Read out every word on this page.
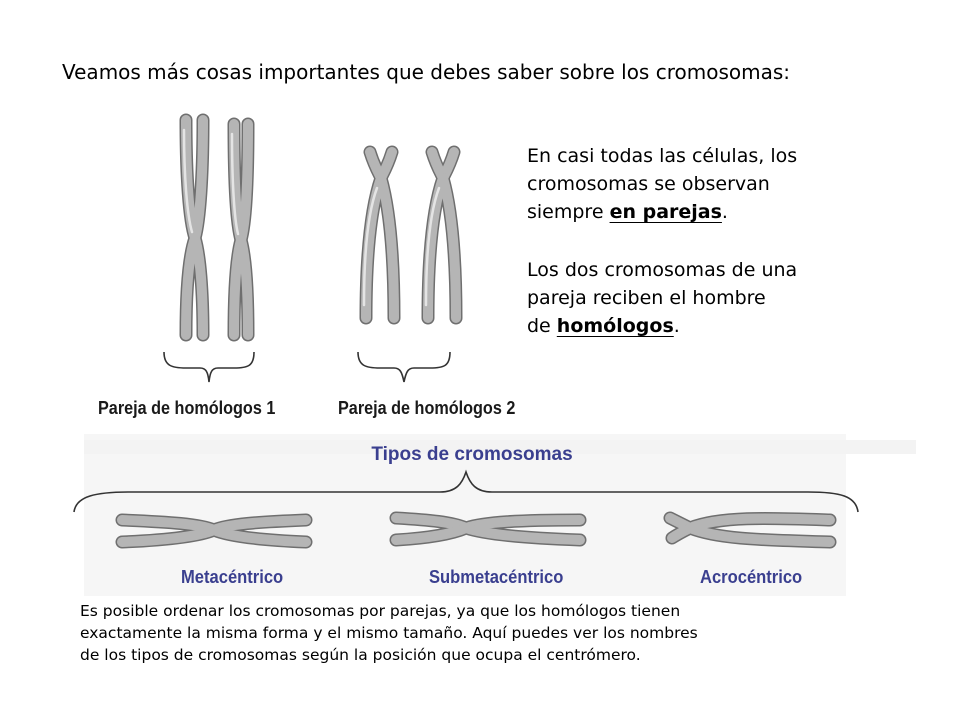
Veamos más cosas importantes que debes saber sobre los cromosomas:
En casi todas las células, los
cromosomas se observan
siempre en parejas.
Los dos cromosomas de una
pareja reciben el hombre
de homólogos.
Pareja de homólogos 1	Pareja de homólogos 2
Tipos de cromosomas
Metacéntrico	Submetacéntrico	Acrocéntrico
Es posible ordenar los cromosomas por parejas, ya que los homólogos tienen
exactamente la misma forma y el mismo tamaño. Aquí puedes ver los nombres
de los tipos de cromosomas según la posición que ocupa el centrómero.
